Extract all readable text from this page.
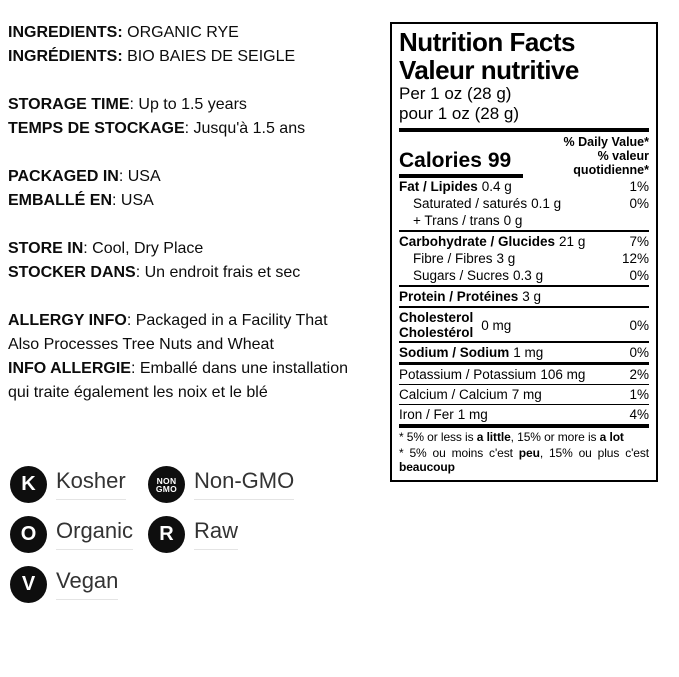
INGREDIENTS: ORGANIC RYE
INGRÉDIENTS: BIO BAIES DE SEIGLE
STORAGE TIME: Up to 1.5 years
TEMPS DE STOCKAGE: Jusqu'à 1.5 ans
PACKAGED IN: USA
EMBALLÉ EN: USA
STORE IN: Cool, Dry Place
STOCKER DANS: Un endroit frais et sec
ALLERGY INFO: Packaged in a Facility That
Also Processes Tree Nuts and Wheat
INFO ALLERGIE: Emballé dans une installation
qui traite également les noix et le blé
Nutrition Facts
Valeur nutritive
Per 1 oz (28 g)
pour 1 oz (28 g)
Calories 99
% Daily Value*
% valeur quotidienne*
Fat / Lipides 0.4 g	1%
Saturated / saturés 0.1 g	0%
+ Trans / trans 0 g
Carbohydrate / Glucides 21 g	7%
Fibre / Fibres 3 g	12%
Sugars / Sucres 0.3 g	0%
Protein / Protéines 3 g
Cholesterol
Cholestérol 0 mg	0%
Sodium / Sodium 1 mg	0%
Potassium / Potassium 106 mg	2%
Calcium / Calcium 7 mg	1%
Iron / Fer 1 mg	4%
* 5% or less is a little, 15% or more is a lot
* 5% ou moins c'est peu, 15% ou plus c'est beaucoup
K Kosher	NON
GMO Non-GMO
O Organic	R Raw
V Vegan
